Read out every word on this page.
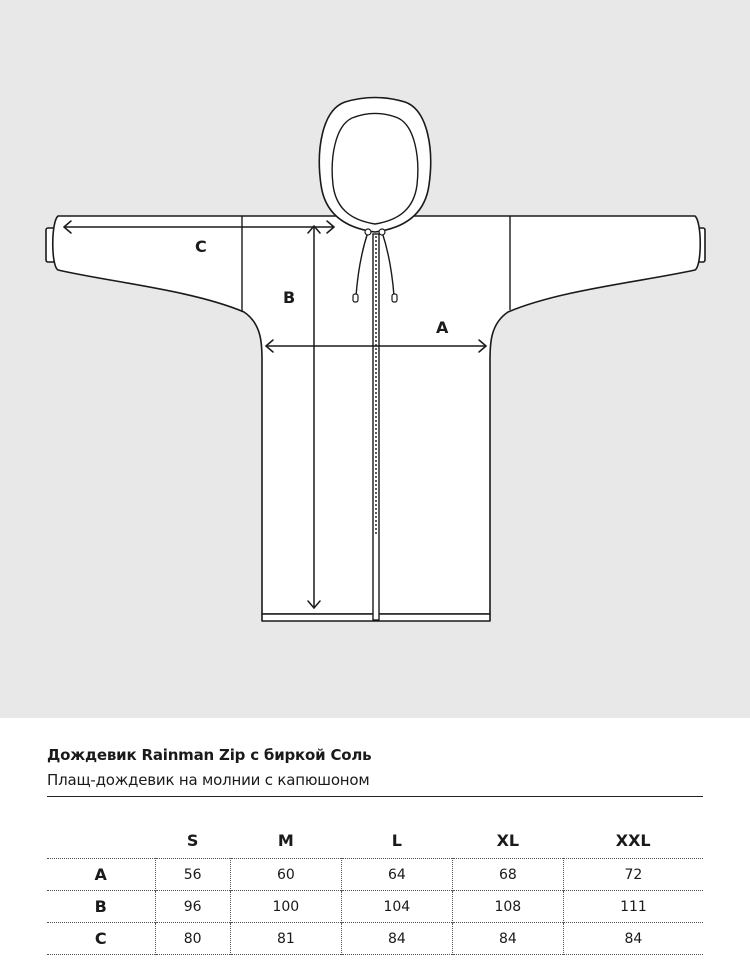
A
B
C
Дождевик Rainman Zip с биркой Соль
Плащ-дождевик на молнии с капюшоном
	S	M	L	XL	XXL
A	56	60	64	68	72
B	96	100	104	108	111
C	80	81	84	84	84
